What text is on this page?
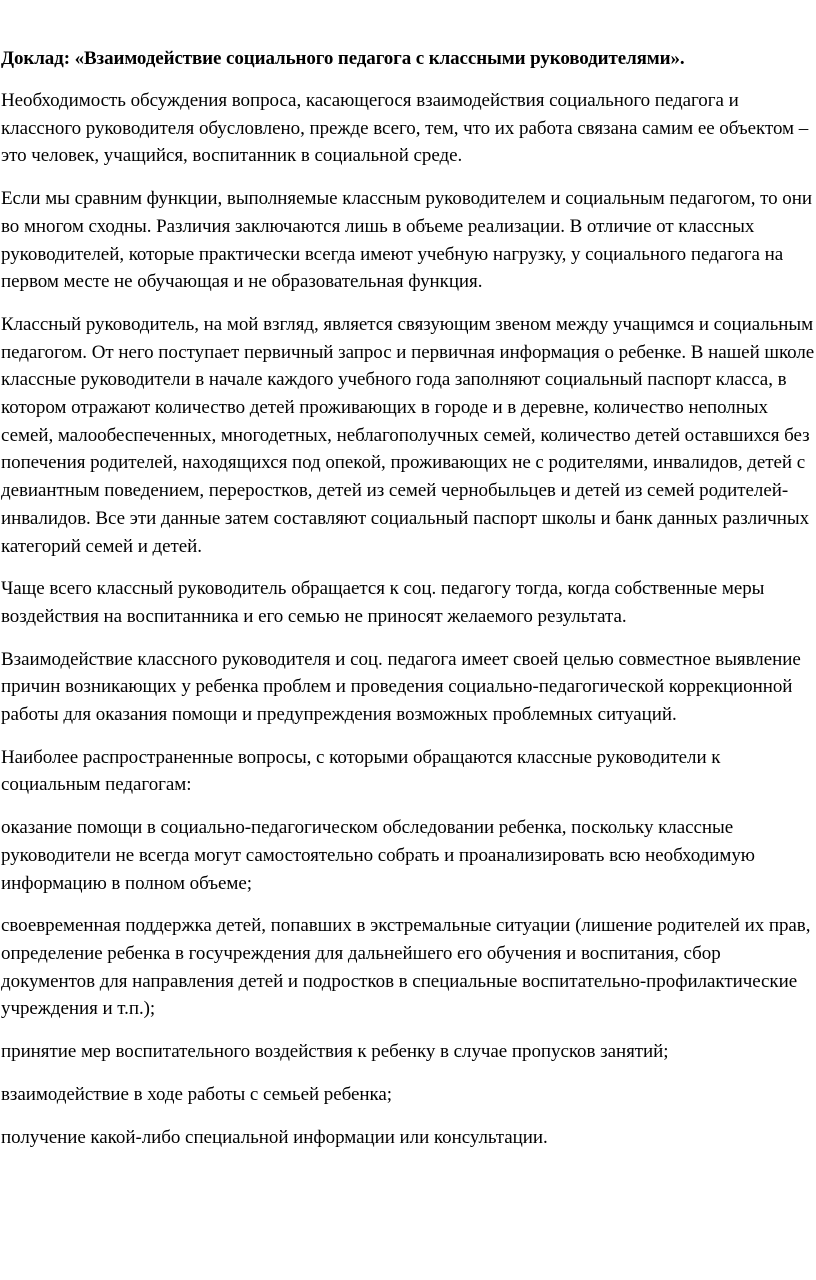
Доклад: «Взаимодействие социального педагога с классными руководителями».
Необходимость обсуждения вопроса, касающегося взаимодействия социального педагога и классного руководителя обусловлено, прежде всего, тем, что их работа связана самим ее объектом – это человек, учащийся, воспитанник в социальной среде.
Если мы сравним функции, выполняемые классным руководителем и социальным педагогом, то они во многом сходны. Различия заключаются лишь в объеме реализации. В отличие от классных руководителей, которые практически всегда имеют учебную нагрузку, у социального педагога на первом месте не обучающая и не образовательная функция.
Классный руководитель, на мой взгляд, является связующим звеном между учащимся и социальным педагогом. От него поступает первичный запрос и первичная информация о ребенке. В нашей школе классные руководители в начале каждого учебного года заполняют социальный паспорт класса, в котором отражают количество детей проживающих в городе и в деревне, количество неполных семей, малообеспеченных, многодетных, неблагополучных семей, количество детей оставшихся без попечения родителей, находящихся под опекой, проживающих не с родителями, инвалидов, детей с девиантным поведением, переростков, детей из семей чернобыльцев и детей из семей родителей-инвалидов. Все эти данные затем составляют социальный паспорт школы и банк данных различных категорий семей и детей.
Чаще всего классный руководитель обращается к соц. педагогу тогда, когда собственные меры воздействия на воспитанника и его семью не приносят желаемого результата.
Взаимодействие классного руководителя и соц. педагога имеет своей целью совместное выявление причин возникающих у ребенка проблем и проведения социально-педагогической коррекционной работы для оказания помощи и предупреждения возможных проблемных ситуаций.
Наиболее распространенные вопросы, с которыми обращаются классные руководители к социальным педагогам:
оказание помощи в социально-педагогическом обследовании ребенка, поскольку классные руководители не всегда могут самостоятельно собрать и проанализировать всю необходимую информацию в полном объеме;
своевременная поддержка детей, попавших в экстремальные ситуации (лишение родителей их прав, определение ребенка в госучреждения для дальнейшего его обучения и воспитания, сбор документов для направления детей и подростков в специальные воспитательно-профилактические учреждения и т.п.);
принятие мер воспитательного воздействия к ребенку в случае пропусков занятий;
взаимодействие в ходе работы с семьей ребенка;
получение какой-либо специальной информации или консультации.
